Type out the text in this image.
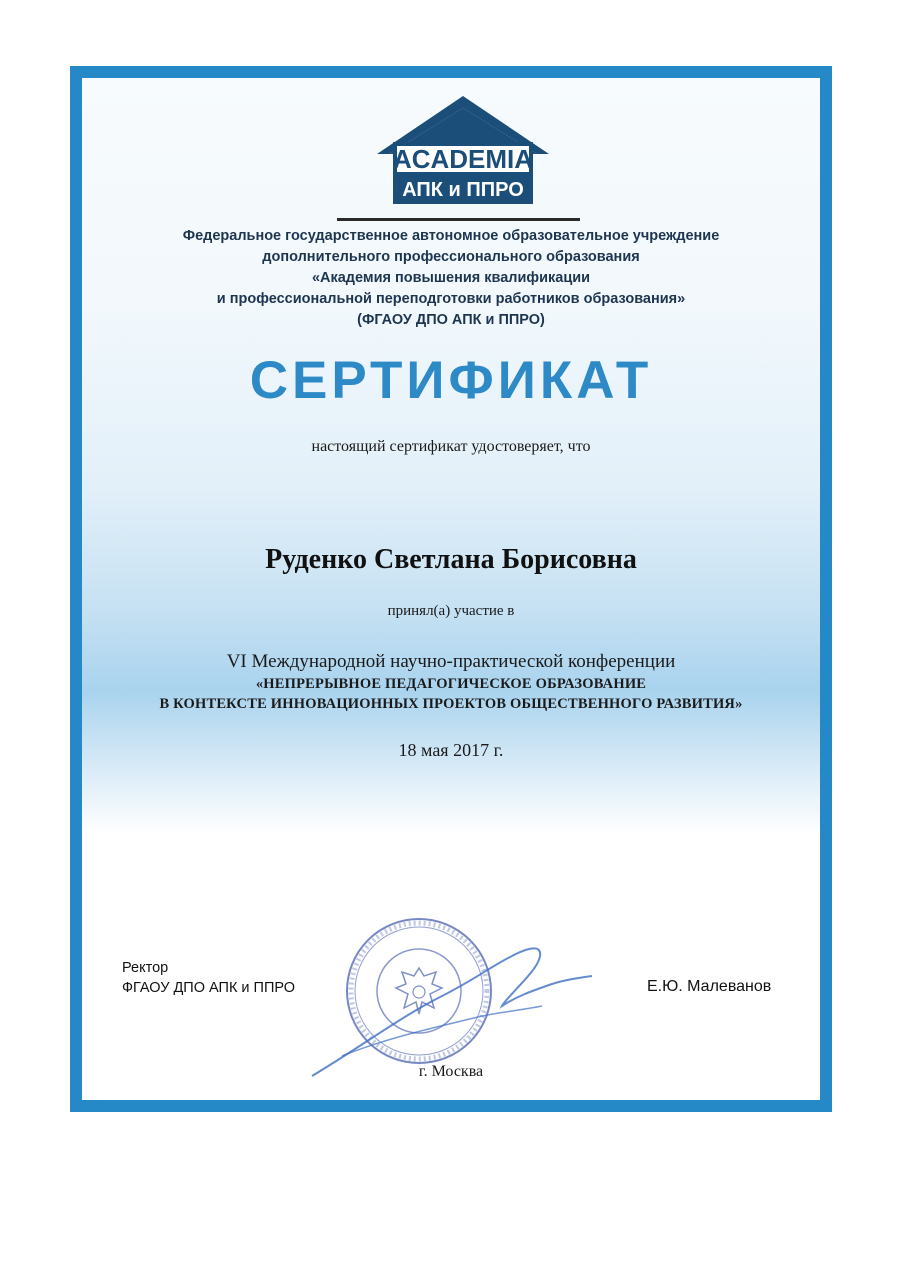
ACADEMIA
АПК и ППРО
Федеральное государственное автономное образовательное учреждение
дополнительного профессионального образования
«Академия повышения квалификации
и профессиональной переподготовки работников образования»
(ФГАОУ ДПО АПК и ППРО)
СЕРТИФИКАТ
настоящий сертификат удостоверяет, что
Руденко Светлана Борисовна
принял(а) участие в
VI Международной научно-практической конференции
«НЕПРЕРЫВНОЕ ПЕДАГОГИЧЕСКОЕ ОБРАЗОВАНИЕ
В КОНТЕКСТЕ ИННОВАЦИОННЫХ ПРОЕКТОВ ОБЩЕСТВЕННОГО РАЗВИТИЯ»
18 мая 2017 г.
Ректор
ФГАОУ ДПО АПК и ППРО	Е.Ю. Малеванов
г. Москва
